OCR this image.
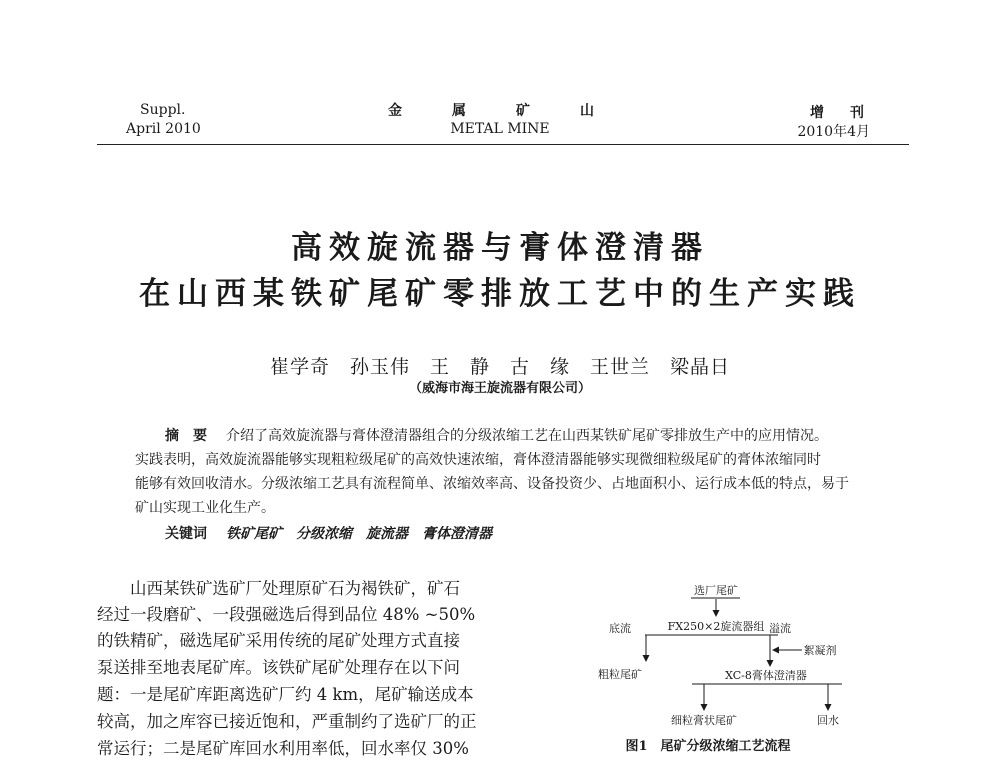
Suppl.
April 2010
金　属　矿　山
METAL MINE
增　刊
2010年4月
高效旋流器与膏体澄清器
在山西某铁矿尾矿零排放工艺中的生产实践
崔学奇　孙玉伟　王　静　古　缘　王世兰　梁晶日
（威海市海王旋流器有限公司）
摘　要 介绍了高效旋流器与膏体澄清器组合的分级浓缩工艺在山西某铁矿尾矿零排放生产中的应用情况。
实践表明，高效旋流器能够实现粗粒级尾矿的高效快速浓缩，膏体澄清器能够实现微细粒级尾矿的膏体浓缩同时
能够有效回收清水。分级浓缩工艺具有流程简单、浓缩效率高、设备投资少、占地面积小、运行成本低的特点，易于
矿山实现工业化生产。
关键词 铁矿尾矿　分级浓缩　旋流器　膏体澄清器
山西某铁矿选矿厂处理原矿石为褐铁矿，矿石
经过一段磨矿、一段强磁选后得到品位 48% ~50%
的铁精矿，磁选尾矿采用传统的尾矿处理方式直接
泵送排至地表尾矿库。该铁矿尾矿处理存在以下问
题：一是尾矿库距离选矿厂约 4 km，尾矿输送成本
较高，加之库容已接近饱和，严重制约了选矿厂的正
常运行；二是尾矿库回水利用率低，回水率仅 30%
选厂尾矿
底流	FX250×2旋流器组 溢流
粗粒尾矿
絮凝剂
XC-8膏体澄清器
细粒膏状尾矿	回水
图1　尾矿分级浓缩工艺流程
